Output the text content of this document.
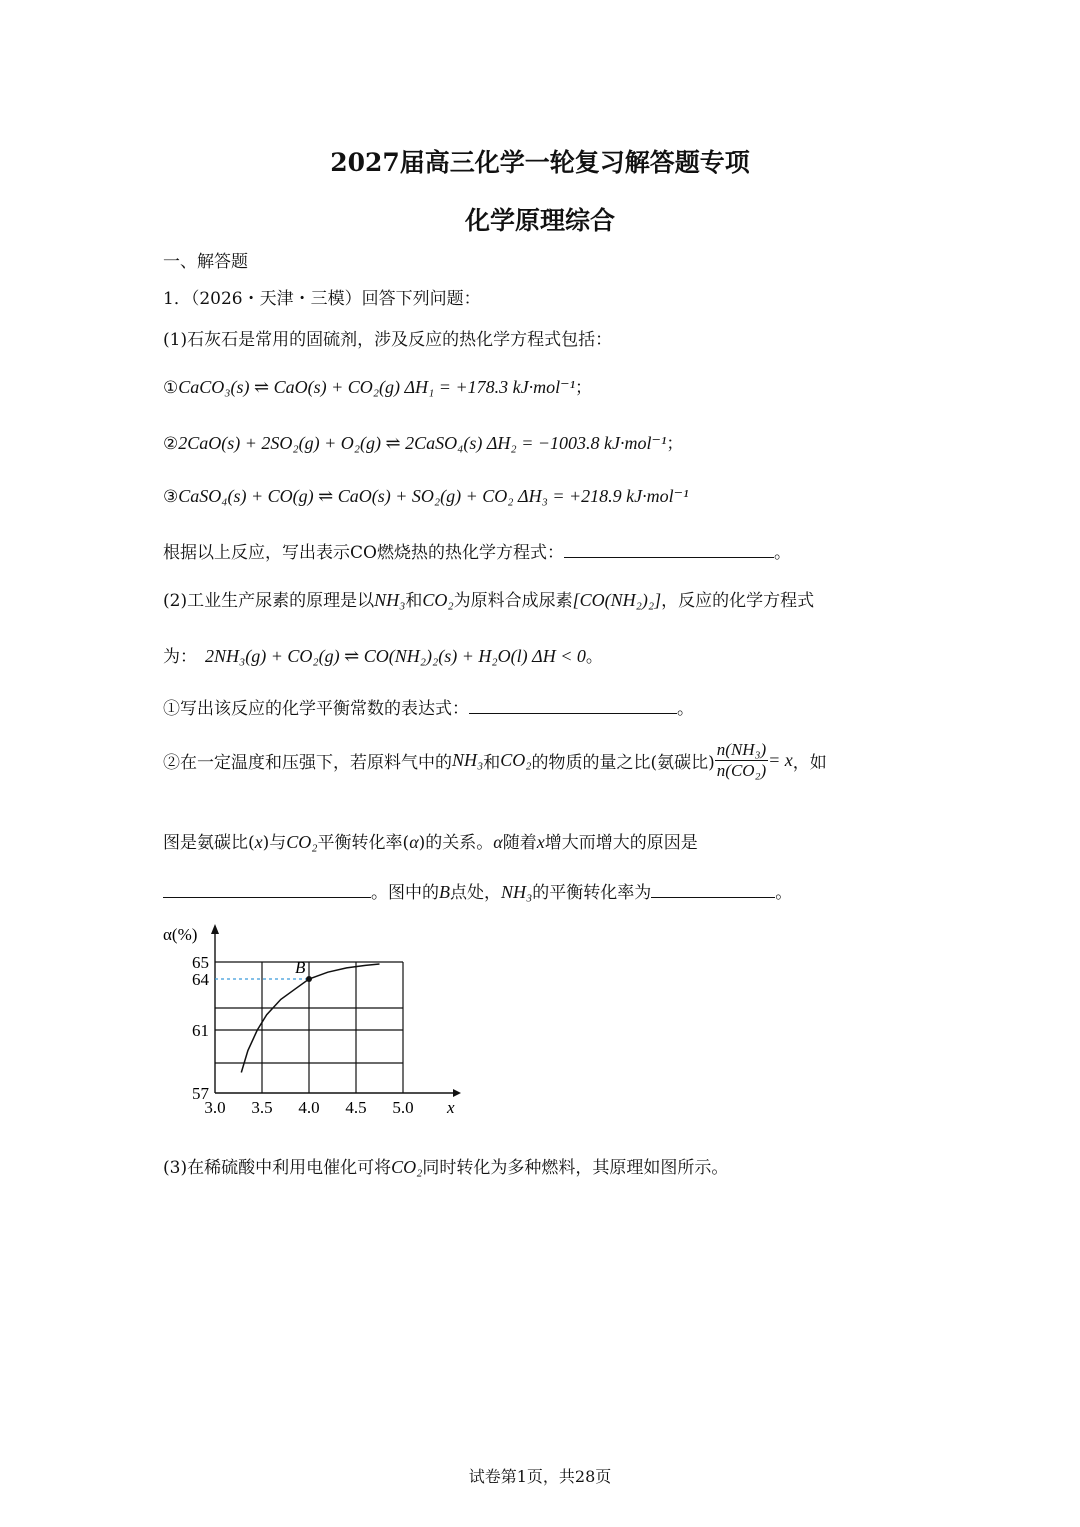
2027届高三化学一轮复习解答题专项
化学原理综合
一、解答题
1．（2026・天津・三模）回答下列问题：
(1)石灰石是常用的固硫剂，涉及反应的热化学方程式包括：
①CaCO₃(s) ⇌ CaO(s) + CO₂(g) ΔH₁ = +178.3 kJ·mol⁻¹；
②2CaO(s) + 2SO₂(g) + O₂(g) ⇌ 2CaSO₄(s) ΔH₂ = −1003.8 kJ·mol⁻¹；
③CaSO₄(s) + CO(g) ⇌ CaO(s) + SO₂(g) + CO₂ ΔH₃ = +218.9 kJ·mol⁻¹
根据以上反应，写出表示CO燃烧热的热化学方程式：	。
(2)工业生产尿素的原理是以NH₃和CO₂为原料合成尿素[CO(NH₂)₂]，反应的化学方程式
为： 2NH₃(g) + CO₂(g) ⇌ CO(NH₂)₂(s) + H₂O(l) ΔH < 0。
①写出该反应的化学平衡常数的表达式：	。
②在一定温度和压强下，若原料气中的NH₃和CO₂的物质的量之比(氨碳比) $\frac{\text{n(NH₃)}}{\text{n(CO₂)}} = x$，如
图是氨碳比(x)与CO₂平衡转化率(α)的关系。α随着x增大而增大的原因是
。图中的B点处，NH₃的平衡转化率为	。
3.0 3.5 4.0 4.5 5.0
57
61
64
65
α(%)
x
B
(3)在稀硫酸中利用电催化可将CO₂同时转化为多种燃料，其原理如图所示。
试卷第1页，共28页
